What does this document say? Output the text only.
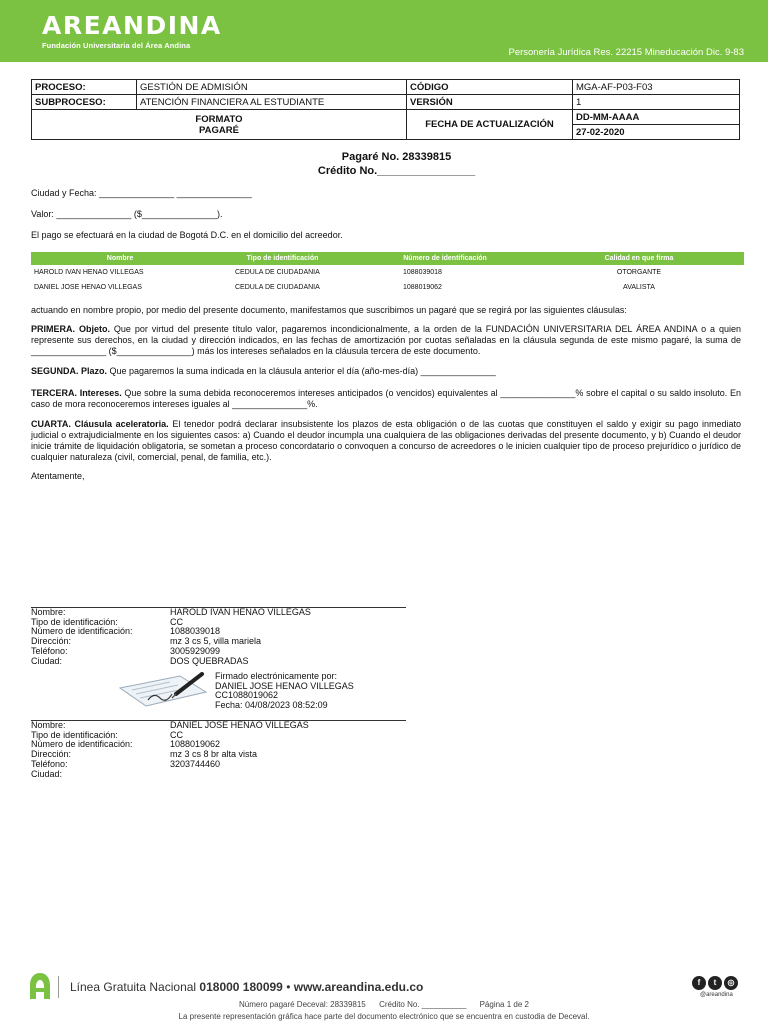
AREANDINA
Fundación Universitaria del Área Andina
Personería Jurídica Res. 22215 Mineducación Dic. 9-83
PROCESO:	GESTIÓN DE ADMISIÓN	CÓDIGO	MGA-AF-P03-F03
SUBPROCESO:	ATENCIÓN FINANCIERA AL ESTUDIANTE	VERSIÓN	1

FORMATO
PAGARÉ		FECHA DE ACTUALIZACIÓN	DD-MM-AAAA
			27-02-2020
Pagaré No. 28339815
Crédito No.________________
Ciudad y Fecha: _______________ _______________
Valor: _______________ ($_______________).
El pago se efectuará en la ciudad de Bogotá D.C. en el domicilio del acreedor.
Nombre	Tipo de identificación	Número de identificación	Calidad en que firma
HAROLD IVAN HENAO VILLEGAS	CEDULA DE CIUDADANIA	1088039018	OTORGANTE
DANIEL JOSE HENAO VILLEGAS	CEDULA DE CIUDADANIA	1088019062	AVALISTA
actuando en nombre propio, por medio del presente documento, manifestamos que suscribimos un pagaré que se regirá por las siguientes cláusulas:
PRIMERA. Objeto. Que por virtud del presente título valor, pagaremos incondicionalmente, a la orden de la FUNDACIÓN UNIVERSITARIA DEL ÁREA ANDINA o a quien represente sus derechos, en la ciudad y dirección indicados, en las fechas de amortización por cuotas señaladas en la cláusula segunda de este mismo pagaré, la suma de _______________ ($_______________) más los intereses señalados en la cláusula tercera de este documento.
SEGUNDA. Plazo. Que pagaremos la suma indicada en la cláusula anterior el día (año-mes-día) _______________
TERCERA. Intereses. Que sobre la suma debida reconoceremos intereses anticipados (o vencidos) equivalentes al _______________% sobre el capital o su saldo insoluto. En caso de mora reconoceremos intereses iguales al _______________%.
CUARTA. Cláusula aceleratoria. El tenedor podrá declarar insubsistente los plazos de esta obligación o de las cuotas que constituyen el saldo y exigir su pago inmediato judicial o extrajudicialmente en los siguientes casos: a) Cuando el deudor incumpla una cualquiera de las obligaciones derivadas del presente documento, y b) Cuando el deudor inicie trámite de liquidación obligatoria, se sometan a proceso concordatario o convoquen a concurso de acreedores o le inicien cualquier tipo de proceso prejurídico o jurídico de cualquier naturaleza (civil, comercial, penal, de familia, etc.).
Atentamente,
Nombre:	HAROLD IVAN HENAO VILLEGAS
Tipo de identificación:	CC
Número de identificación:	1088039018
Dirección:	mz 3 cs 5, villa mariela
Teléfono:	3005929099
Ciudad:	DOS QUEBRADAS
Firmado electrónicamente por:
DANIEL JOSE HENAO VILLEGAS
CC1088019062
Fecha: 04/08/2023 08:52:09
Nombre:	DANIEL JOSE HENAO VILLEGAS
Tipo de identificación:	CC
Número de identificación:	1088019062
Dirección:	mz 3 cs 8 br alta vista
Teléfono:	3203744460
Ciudad:
Línea Gratuita Nacional 018000 180099 • www.areandina.edu.co	f	t	◎
@areandina
Número pagaré Deceval: 28339815      Crédito No. __________      Página 1 de 2
La presente representación gráfica hace parte del documento electrónico que se encuentra en custodia de Deceval.
